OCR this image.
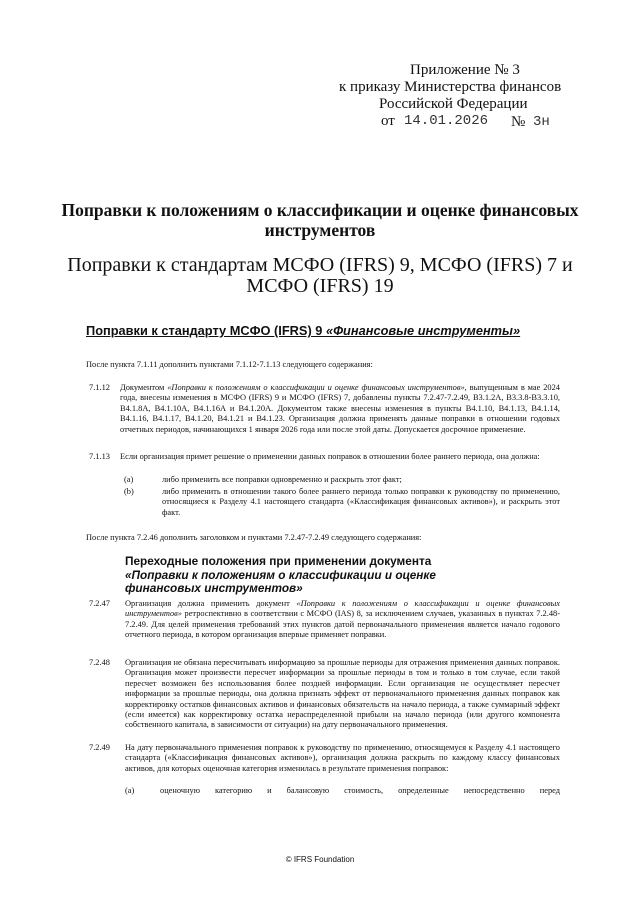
Приложение № 3
к приказу Министерства финансов
Российской Федерации
от 14.01.2026 № 3н
Поправки к положениям о классификации и оценке финансовых инструментов
Поправки к стандартам МСФО (IFRS) 9, МСФО (IFRS) 7 и МСФО (IFRS) 19
Поправки к стандарту МСФО (IFRS) 9 «Финансовые инструменты»
После пункта 7.1.11 дополнить пунктами 7.1.12-7.1.13 следующего содержания:
7.1.12 Документом «Поправки к положениям о классификации и оценке финансовых инструментов», выпущенным в мае 2024 года, внесены изменения в МСФО (IFRS) 9 и МСФО (IFRS) 7, добавлены пункты 7.2.47-7.2.49, B3.1.2A, B3.3.8-B3.3.10, B4.1.8A, B4.1.10A, B4.1.16A и B4.1.20A. Документом также внесены изменения в пункты B4.1.10, B4.1.13, B4.1.14, B4.1.16, B4.1.17, B4.1.20, B4.1.21 и B4.1.23. Организация должна применять данные поправки в отношении годовых отчетных периодов, начинающихся 1 января 2026 года или после этой даты. Допускается досрочное применение.
7.1.13 Если организация примет решение о применении данных поправок в отношении более раннего периода, она должна:
(a)	либо применить все поправки одновременно и раскрыть этот факт;
(b)	либо применить в отношении такого более раннего периода только поправки к руководству по применению, относящиеся к Разделу 4.1 настоящего стандарта («Классификация финансовых активов»), и раскрыть этот факт.
После пункта 7.2.46 дополнить заголовком и пунктами 7.2.47-7.2.49 следующего содержания:
Переходные положения при применении документа
«Поправки к положениям о классификации и оценке
финансовых инструментов»
7.2.47 Организация должна применить документ «Поправки к положениям о классификации и оценке финансовых инструментов» ретроспективно в соответствии с МСФО (IAS) 8, за исключением случаев, указанных в пунктах 7.2.48-7.2.49. Для целей применения требований этих пунктов датой первоначального применения является начало годового отчетного периода, в котором организация впервые применяет поправки.
7.2.48 Организация не обязана пересчитывать информацию за прошлые периоды для отражения применения данных поправок. Организация может произвести пересчет информации за прошлые периоды в том и только в том случае, если такой пересчет возможен без использования более поздней информации. Если организация не осуществляет пересчет информации за прошлые периоды, она должна признать эффект от первоначального применения данных поправок как корректировку остатков финансовых активов и финансовых обязательств на начало периода, а также суммарный эффект (если имеется) как корректировку остатка нераспределенной прибыли на начало периода (или другого компонента собственного капитала, в зависимости от ситуации) на дату первоначального применения.
7.2.49 На дату первоначального применения поправок к руководству по применению, относящемуся к Разделу 4.1 настоящего стандарта («Классификация финансовых активов»), организация должна раскрыть по каждому классу финансовых активов, для которых оценочная категория изменилась в результате применения поправок:
(a)	оценочную категорию и балансовую стоимость, определенные непосредственно перед
© IFRS Foundation
